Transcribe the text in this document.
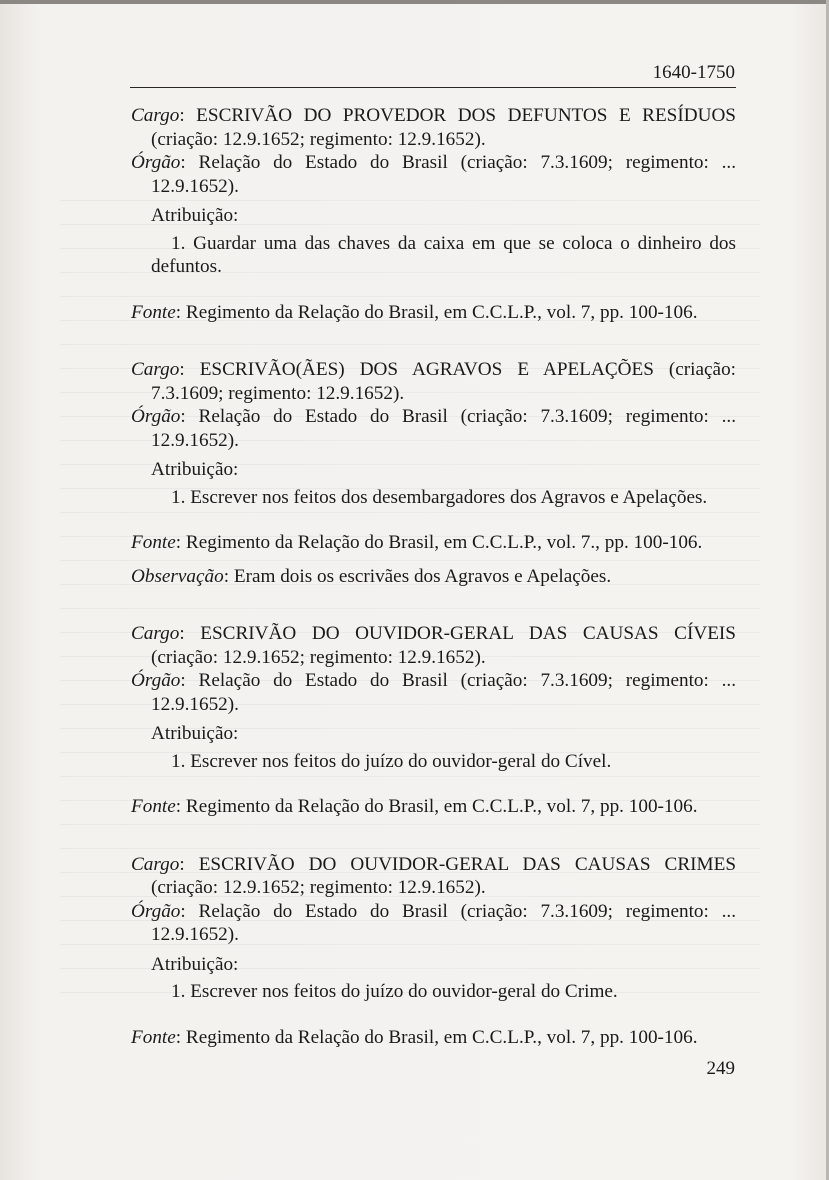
1640-1750

Cargo: ESCRIVÃO DO PROVEDOR DOS DEFUNTOS E RESÍDUOS (criação: 12.9.1652; regimento: 12.9.1652).

Órgão: Relação do Estado do Brasil (criação: 7.3.1609; regimento: ... 12.9.1652).

Atribuição:

1. Guardar uma das chaves da caixa em que se coloca o dinheiro dos defuntos.

Fonte: Regimento da Relação do Brasil, em C.C.L.P., vol. 7, pp. 100-106.

Cargo: ESCRIVÃO(ÃES) DOS AGRAVOS E APELAÇÕES (criação: 7.3.1609; regimento: 12.9.1652).

Órgão: Relação do Estado do Brasil (criação: 7.3.1609; regimento: ... 12.9.1652).

Atribuição:

1. Escrever nos feitos dos desembargadores dos Agravos e Apelações.

Fonte: Regimento da Relação do Brasil, em C.C.L.P., vol. 7., pp. 100-106.

Observação: Eram dois os escrivães dos Agravos e Apelações.

Cargo: ESCRIVÃO DO OUVIDOR-GERAL DAS CAUSAS CÍVEIS (criação: 12.9.1652; regimento: 12.9.1652).

Órgão: Relação do Estado do Brasil (criação: 7.3.1609; regimento: ... 12.9.1652).

Atribuição:

1. Escrever nos feitos do juízo do ouvidor-geral do Cível.

Fonte: Regimento da Relação do Brasil, em C.C.L.P., vol. 7, pp. 100-106.

Cargo: ESCRIVÃO DO OUVIDOR-GERAL DAS CAUSAS CRIMES (criação: 12.9.1652; regimento: 12.9.1652).

Órgão: Relação do Estado do Brasil (criação: 7.3.1609; regimento: ... 12.9.1652).

Atribuição:

1. Escrever nos feitos do juízo do ouvidor-geral do Crime.

Fonte: Regimento da Relação do Brasil, em C.C.L.P., vol. 7, pp. 100-106.

249
